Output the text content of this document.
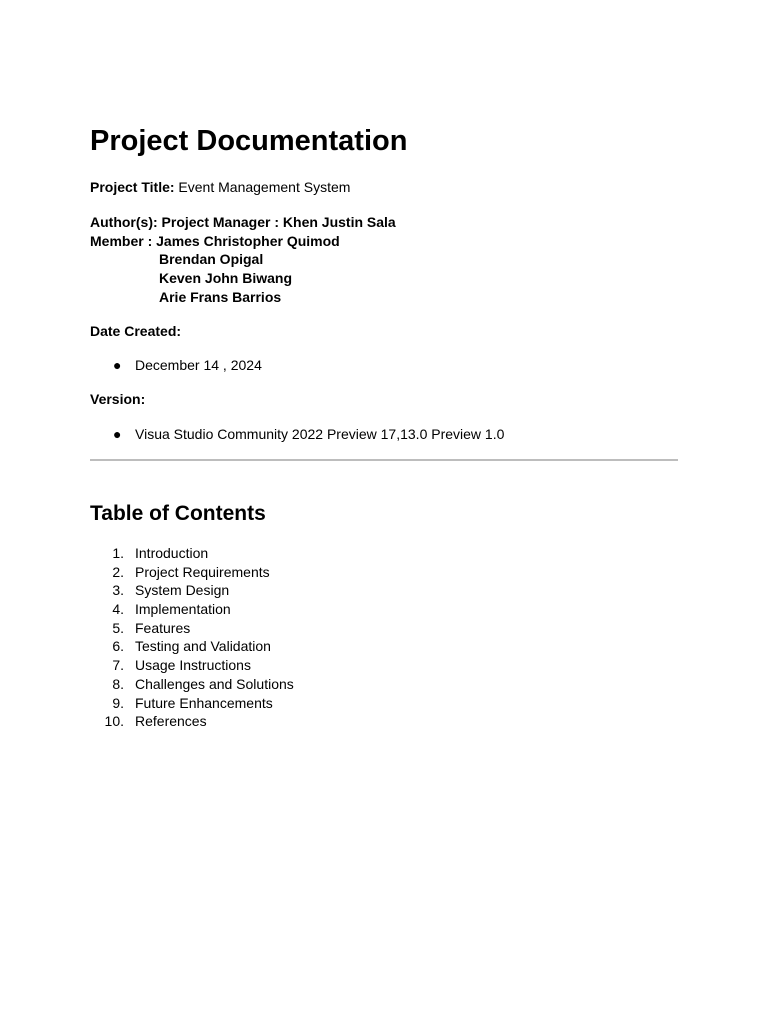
Project Documentation
Project Title: Event Management System
Author(s): Project Manager : Khen Justin Sala
Member : James Christopher Quimod
Brendan Opigal
Keven John Biwang
Arie Frans Barrios
Date Created:
● December 14 , 2024
Version:
● Visua Studio Community 2022 Preview 17,13.0 Preview 1.0
Table of Contents
1. Introduction
2. Project Requirements
3. System Design
4. Implementation
5. Features
6. Testing and Validation
7. Usage Instructions
8. Challenges and Solutions
9. Future Enhancements
10. References
